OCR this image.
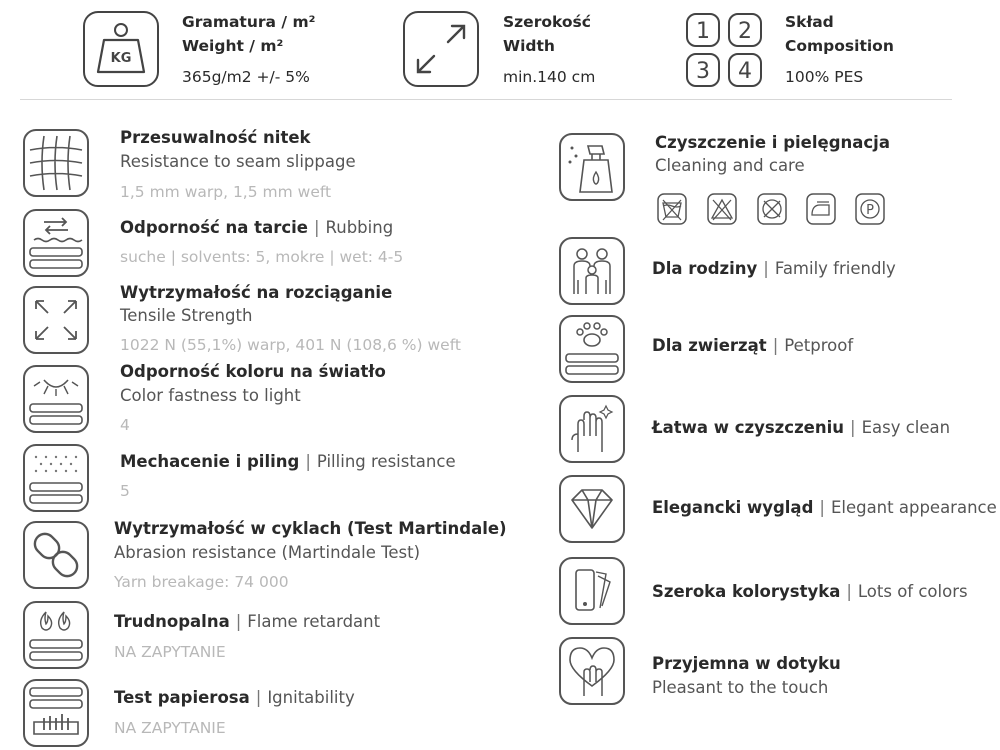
KG
Gramatura / m²
Weight / m²
365g/m2 +/- 5%
Szerokość
Width
min.140 cm
1 2
3 4
Skład
Composition
100% PES
Przesuwalność nitek
Resistance to seam slippage
1,5 mm warp, 1,5 mm weft
Odporność na tarcie | Rubbing
suche | solvents: 5, mokre | wet: 4-5
Wytrzymałość na rozciąganie
Tensile Strength
1022 N (55,1%) warp, 401 N (108,6 %) weft
Odporność koloru na światło
Color fastness to light
4
Mechacenie i piling | Pilling resistance
5
Wytrzymałość w cyklach (Test Martindale)
Abrasion resistance (Martindale Test)
Yarn breakage: 74 000
Trudnopalna | Flame retardant
NA ZAPYTANIE
Test papierosa | Ignitability
NA ZAPYTANIE
Czyszczenie i pielęgnacja
Cleaning and care
P
Dla rodziny | Family friendly
Dla zwierząt | Petproof
Łatwa w czyszczeniu | Easy clean
Elegancki wygląd | Elegant appearance
Szeroka kolorystyka | Lots of colors
Przyjemna w dotyku
Pleasant to the touch
